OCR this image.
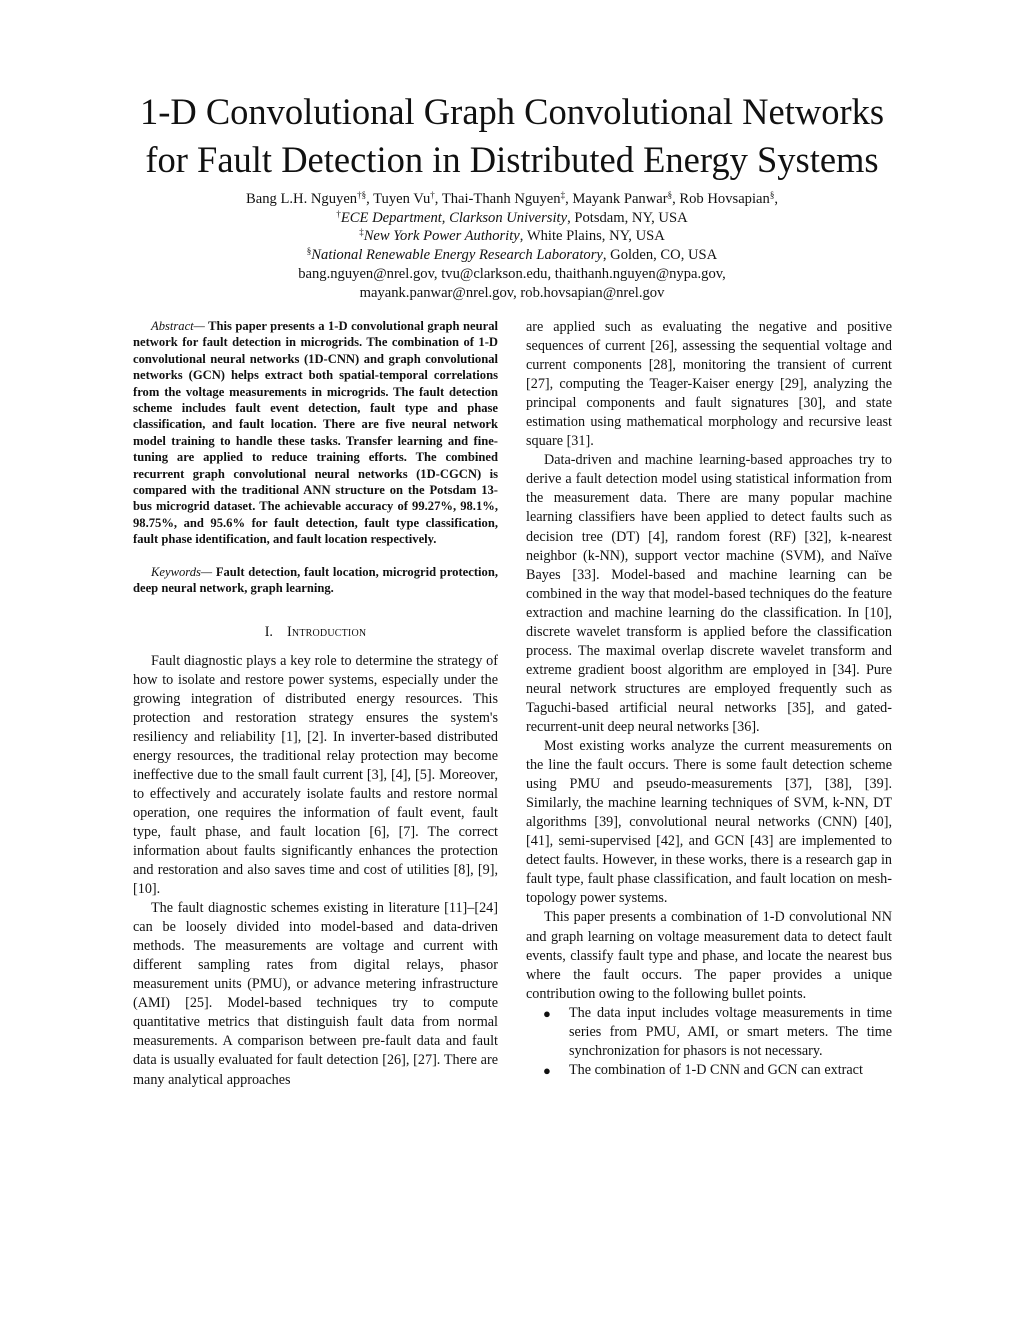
1-D Convolutional Graph Convolutional Networks
for Fault Detection in Distributed Energy Systems
Bang L.H. Nguyen†§, Tuyen Vu†, Thai-Thanh Nguyen‡, Mayank Panwar§, Rob Hovsapian§,
†ECE Department, Clarkson University, Potsdam, NY, USA
‡New York Power Authority, White Plains, NY, USA
§National Renewable Energy Research Laboratory, Golden, CO, USA
bang.nguyen@nrel.gov, tvu@clarkson.edu, thaithanh.nguyen@nypa.gov,
mayank.panwar@nrel.gov, rob.hovsapian@nrel.gov

Abstract— This paper presents a 1-D convolutional graph neural network for fault detection in microgrids. The combination of 1-D convolutional neural networks (1D-CNN) and graph convolutional networks (GCN) helps extract both spatial-temporal correlations from the voltage measurements in microgrids. The fault detection scheme includes fault event detection, fault type and phase classification, and fault location. There are five neural network model training to handle these tasks. Transfer learning and fine-tuning are applied to reduce training efforts. The combined recurrent graph convolutional neural networks (1D-CGCN) is compared with the traditional ANN structure on the Potsdam 13-bus microgrid dataset. The achievable accuracy of 99.27%, 98.1%, 98.75%, and 95.6% for fault detection, fault type classification, fault phase identification, and fault location respectively.

Keywords— Fault detection, fault location, microgrid protection, deep neural network, graph learning.

I. Introduction

Fault diagnostic plays a key role to determine the strategy of how to isolate and restore power systems, especially under the growing integration of distributed energy resources. This protection and restoration strategy ensures the system's resiliency and reliability [1], [2]. In inverter-based distributed energy resources, the traditional relay protection may become ineffective due to the small fault current [3], [4], [5]. Moreover, to effectively and accurately isolate faults and restore normal operation, one requires the information of fault event, fault type, fault phase, and fault location [6], [7]. The correct information about faults significantly enhances the protection and restoration and also saves time and cost of utilities [8], [9], [10].

The fault diagnostic schemes existing in literature [11]–[24] can be loosely divided into model-based and data-driven methods. The measurements are voltage and current with different sampling rates from digital relays, phasor measurement units (PMU), or advance metering infrastructure (AMI) [25]. Model-based techniques try to compute quantitative metrics that distinguish fault data from normal measurements. A comparison between pre-fault data and fault data is usually evaluated for fault detection [26], [27]. There are many analytical approaches

are applied such as evaluating the negative and positive sequences of current [26], assessing the sequential voltage and current components [28], monitoring the transient of current [27], computing the Teager-Kaiser energy [29], analyzing the principal components and fault signatures [30], and state estimation using mathematical morphology and recursive least square [31].

Data-driven and machine learning-based approaches try to derive a fault detection model using statistical information from the measurement data. There are many popular machine learning classifiers have been applied to detect faults such as decision tree (DT) [4], random forest (RF) [32], k-nearest neighbor (k-NN), support vector machine (SVM), and Naïve Bayes [33]. Model-based and machine learning can be combined in the way that model-based techniques do the feature extraction and machine learning do the classification. In [10], discrete wavelet transform is applied before the classification process. The maximal overlap discrete wavelet transform and extreme gradient boost algorithm are employed in [34]. Pure neural network structures are employed frequently such as Taguchi-based artificial neural networks [35], and gated-recurrent-unit deep neural networks [36].

Most existing works analyze the current measurements on the line the fault occurs. There is some fault detection scheme using PMU and pseudo-measurements [37], [38], [39]. Similarly, the machine learning techniques of SVM, k-NN, DT algorithms [39], convolutional neural networks (CNN) [40], [41], semi-supervised [42], and GCN [43] are implemented to detect faults. However, in these works, there is a research gap in fault type, fault phase classification, and fault location on mesh-topology power systems.

This paper presents a combination of 1-D convolutional NN and graph learning on voltage measurement data to detect fault events, classify fault type and phase, and locate the nearest bus where the fault occurs. The paper provides a unique contribution owing to the following bullet points.

● The data input includes voltage measurements in time series from PMU, AMI, or smart meters. The time synchronization for phasors is not necessary.
● The combination of 1-D CNN and GCN can extract
